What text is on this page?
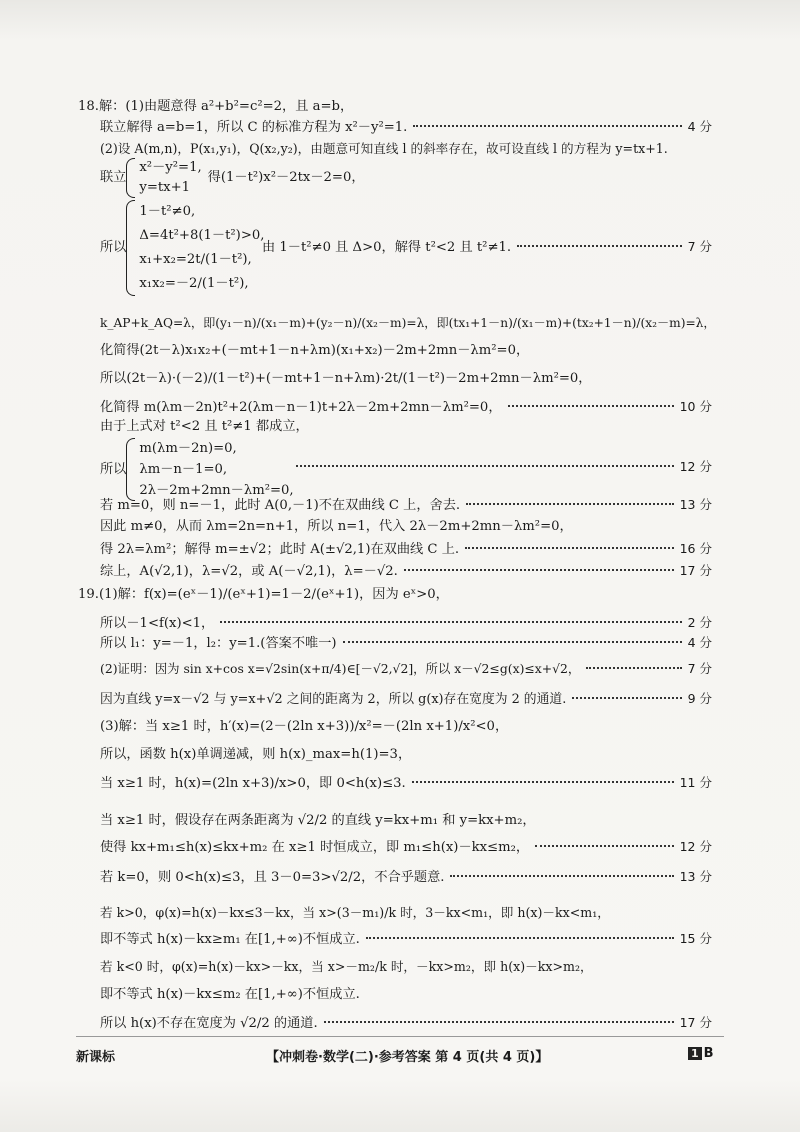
18.解：(1)由题意得 a²+b²=c²=2，且 a=b，
联立解得 a=b=1，所以 C 的标准方程为 x²－y²=1.	4 分
(2)设 A(m,n)，P(x₁,y₁)，Q(x₂,y₂)，由题意可知直线 l 的斜率存在，故可设直线 l 的方程为 y=tx+1.
联立
x²－y²=1,
y=tx+1
得(1－t²)x²－2tx－2=0，
所以
1－t²≠0,
Δ=4t²+8(1－t²)>0,
x₁+x₂=2t/(1－t²),
x₁x₂=－2/(1－t²),
由 1－t²≠0 且 Δ>0，解得 t²<2 且 t²≠1.	7 分
k_AP+k_AQ=λ，即(y₁－n)/(x₁－m)+(y₂－n)/(x₂－m)=λ，即(tx₁+1－n)/(x₁－m)+(tx₂+1－n)/(x₂－m)=λ，
化简得(2t－λ)x₁x₂+(－mt+1－n+λm)(x₁+x₂)－2m+2mn－λm²=0，
所以(2t－λ)·(－2)/(1－t²)+(－mt+1－n+λm)·2t/(1－t²)－2m+2mn－λm²=0，
化简得 m(λm－2n)t²+2(λm－n－1)t+2λ－2m+2mn－λm²=0，	10 分
由于上式对 t²<2 且 t²≠1 都成立，
所以
m(λm－2n)=0,
λm－n－1=0,
2λ－2m+2mn－λm²=0,
12 分
若 m=0，则 n=－1，此时 A(0,－1)不在双曲线 C 上，舍去.	13 分
因此 m≠0，从而 λm=2n=n+1，所以 n=1，代入 2λ－2m+2mn－λm²=0，
得 2λ=λm²；解得 m=±√2；此时 A(±√2,1)在双曲线 C 上.	16 分
综上，A(√2,1)，λ=√2，或 A(－√2,1)，λ=－√2.	17 分
19.(1)解：f(x)=(eˣ－1)/(eˣ+1)=1－2/(eˣ+1)，因为 eˣ>0，
所以－1<f(x)<1，	2 分
所以 l₁：y=－1，l₂：y=1.(答案不唯一)	4 分
(2)证明：因为 sin x+cos x=√2sin(x+π/4)∈[－√2,√2]，所以 x－√2≤g(x)≤x+√2，	7 分
因为直线 y=x－√2 与 y=x+√2 之间的距离为 2，所以 g(x)存在宽度为 2 的通道.	9 分
(3)解：当 x≥1 时，h′(x)=(2－(2ln x+3))/x²=－(2ln x+1)/x²<0，
所以，函数 h(x)单调递减，则 h(x)_max=h(1)=3，
当 x≥1 时，h(x)=(2ln x+3)/x>0，即 0<h(x)≤3.	11 分
当 x≥1 时，假设存在两条距离为 √2/2 的直线 y=kx+m₁ 和 y=kx+m₂，
使得 kx+m₁≤h(x)≤kx+m₂ 在 x≥1 时恒成立，即 m₁≤h(x)－kx≤m₂，	12 分
若 k=0，则 0<h(x)≤3，且 3－0=3>√2/2，不合乎题意.	13 分
若 k>0，φ(x)=h(x)－kx≤3－kx，当 x>(3－m₁)/k 时，3－kx<m₁，即 h(x)－kx<m₁，
即不等式 h(x)－kx≥m₁ 在[1,+∞)不恒成立.	15 分
若 k<0 时，φ(x)=h(x)－kx>－kx，当 x>－m₂/k 时，－kx>m₂，即 h(x)－kx>m₂，
即不等式 h(x)－kx≤m₂ 在[1,+∞)不恒成立.
所以 h(x)不存在宽度为 √2/2 的通道.	17 分
新课标	【冲刺卷·数学(二)·参考答案 第 4 页(共 4 页)】	1 B
